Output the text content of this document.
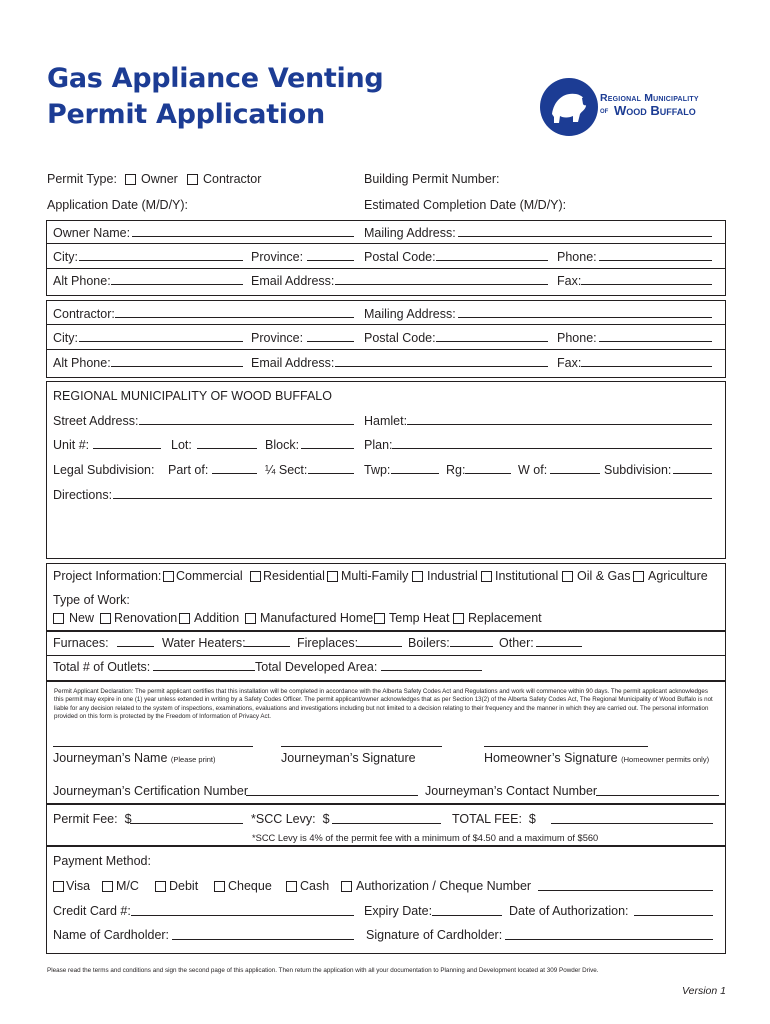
Gas Appliance Venting
Permit Application
Regional Municipality
of Wood Buffalo
Permit Type: Owner Contractor	Building Permit Number:
Application Date (M/D/Y):	Estimated Completion Date (M/D/Y):
Owner Name:	Mailing Address:
City:	Province:	Postal Code:	Phone:
Alt Phone:	Email Address:	Fax:
Contractor:	Mailing Address:
City:	Province:	Postal Code:	Phone:
Alt Phone:	Email Address:	Fax:
REGIONAL MUNICIPALITY OF WOOD BUFFALO
Street Address:	Hamlet:
Unit #:	Lot:	Block:	Plan:
Legal Subdivision: Part of:	¼ Sect:	Twp:	Rg:	W of:	Subdivision:
Directions:
Project Information: Commercial Residential Multi-Family Industrial Institutional Oil & Gas Agriculture
Type of Work:
New Renovation Addition Manufactured Home Temp Heat Replacement
Furnaces:	Water Heaters:	Fireplaces:	Boilers:	Other:
Total # of Outlets:	Total Developed Area:
Permit Applicant Declaration: The permit applicant certifies that this installation will be completed in accordance with the Alberta Safety Codes Act and Regulations and work will commence within 90 days. The permit applicant acknowledges this permit may expire in one (1) year unless extended in writing by a Safety Codes Officer. The permit applicant/owner acknowledges that as per Section 13(2) of the Alberta Safety Codes Act, The Regional Municipality of Wood Buffalo is not liable for any decision related to the system of inspections, examinations, evaluations and investigations including but not limited to a decision relating to their frequency and the manner in which they are carried out. The personal information provided on this form is protected by the Freedom of Information of Privacy Act.
Journeyman’s Name (Please print)	Journeyman’s Signature	Homeowner’s Signature (Homeowner permits only)
Journeyman’s Certification Number	Journeyman’s Contact Number
Permit Fee: $	*SCC Levy: $	TOTAL FEE: $
*SCC Levy is 4% of the permit fee with a minimum of $4.50 and a maximum of $560
Payment Method:
Visa M/C Debit Cheque Cash Authorization / Cheque Number
Credit Card #:	Expiry Date:	Date of Authorization:
Name of Cardholder:	Signature of Cardholder:
Please read the terms and conditions and sign the second page of this application. Then return the application with all your documentation to Planning and Development located at 309 Powder Drive.
Version 1
